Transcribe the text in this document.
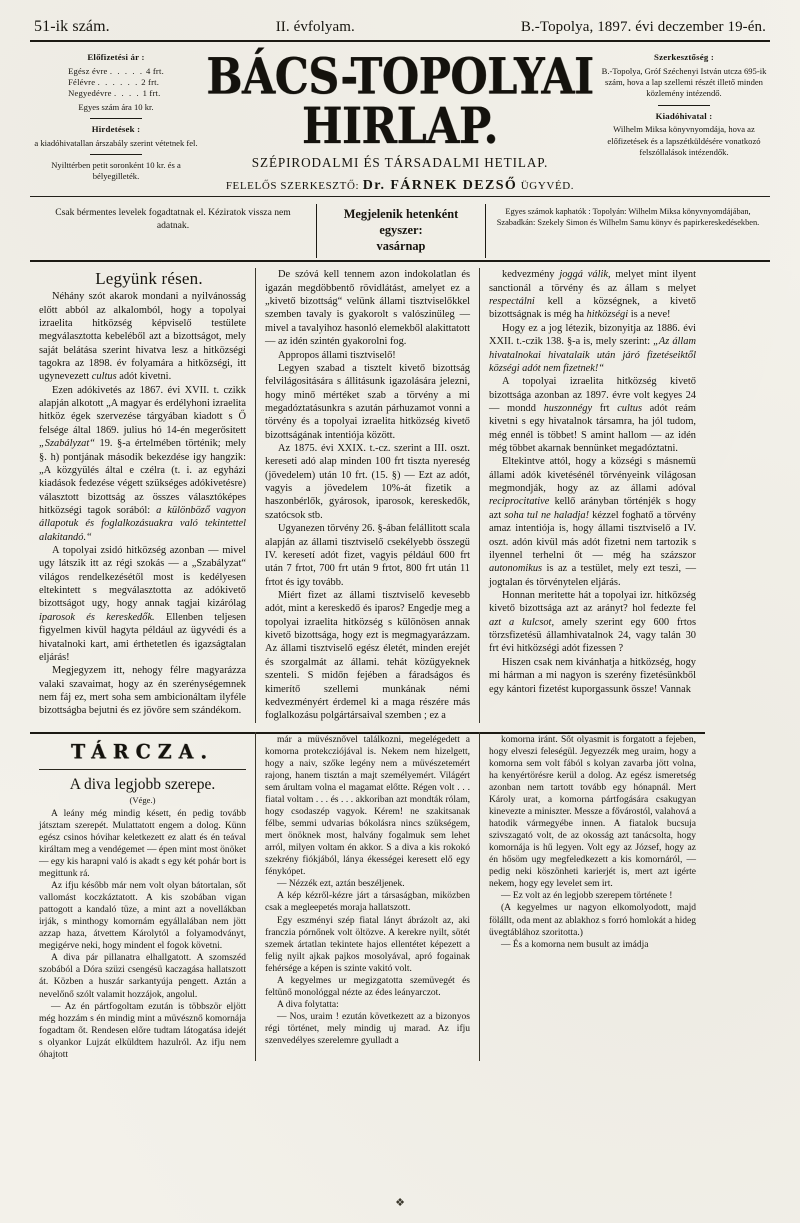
51-ik szám.	II. évfolyam.	B.-Topolya, 1897. évi deczember 19-én.
Előfizetési ár :
Egész évre . . . . . 4 frt.
Félévre . . . . . . 2 frt.
Negyedévre . . . . 1 frt.

Egyes szám ára 10 kr.

Hirdetések :

a kiadóhivatallan árszabály szerint vétetnek fel.

Nyilttérben petit soronként 10 kr. és a bélyegilleték.

BÁCS-TOPOLYAI HIRLAP.
SZÉPIRODALMI ÉS TÁRSADALMI HETILAP.
FELELŐS SZERKESZTŐ: Dr. FÁRNEK DEZSŐ ÜGYVÉD.
Szerkesztőség :

B.-Topolya, Gróf Széchenyi István utcza 695-ik szám, hova a lap szellemi részét illető minden közlemény intézendő.

Kiadóhivatal :

Wilhelm Miksa könyvnyomdája, hova az előfizetések és a lapszétküldésére vonatkozó felszóllalások intézendők.

Csak bérmentes levelek fogadtatnak el. Kéziratok vissza nem adatnak.
Megjelenik hetenként egyszer:
vasárnap
Egyes számok kaphatók : Topolyán: Wilhelm Miksa könyvnyomdájában, Szabadkán: Szekely Simon és Wilhelm Samu könyv és papirkereskedésekben.

Legyünk résen.

Néhány szót akarok mondani a nyilvánosság előtt abból az alkalomból, hogy a topolyai izraelita hitközség képviselő testülete megválasztotta kebeléből azt a bizottságot, mely saját belátása szerint hivatva lesz a hitközségi tagokra az 1898. év folyamára a hitközségi, itt ugynevezett cultus adót kivetni.

Ezen adókivetés az 1867. évi XVII. t. czikk alapján alkotott „A magyar és erdélyhoni izraelita hitköz égek szervezése tárgyában kiadott s Ő felsége által 1869. julius hó 14-én megerősitett „Szabályzat“ 19. §-a értelmében történik; mely §. h) pontjának második bekezdése igy hangzik: „A közgyülés által e czélra (t. i. az egyházi kiadások fedezése végett szükséges adókivetésre) választott bizottság az összes választóképes hitközségi tagok sorából: a különböző vagyon állapotuk és foglalkozásuakra való tekintettel alakitandó.“

A topolyai zsidó hitközség azonban — mivel ugy látszik itt az régi szokás — a „Szabályzat“ világos rendelkezésétől most is kedélyesen eltekintett s megválasztotta az adókivető bizottságot ugy, hogy annak tagjai kizárólag iparosok és kereskedők. Ellenben teljesen figyelmen kivül hagyta például az ügyvédi és a hivatalnoki kart, ami érthetetlen és igazságtalan eljárás!

Megjegyzem itt, nehogy félre magyarázza valaki szavaimat, hogy az én szerénységemnek nem fáj ez, mert soha sem ambicionáltam ilyféle bizottságba bejutni és ez jövőre sem szándékom.

De szóvá kell tennem azon indokolatlan és igazán megdöbbentő rövidlátást, amelyet ez a „kivető bizottság“ velünk állami tisztviselőkkel szemben tavaly is gyakorolt s valószinüleg — mivel a tavalyihoz hasonló elemekből alakittatott — az idén szintén gyakorolni fog.

Appropos állami tisztviselő!

Legyen szabad a tisztelt kivető bizottság felvilágositására s állitásunk igazolására jelezni, hogy minő mértéket szab a törvény a mi megadóztatásunkra s azután párhuzamot vonni a törvény és a topolyai izraelita hitközség kivető bizottságának intentiója között.

Az 1875. évi XXIX. t.-cz. szerint a III. oszt. kereseti adó alap minden 100 frt tiszta nyereség (jövedelem) után 10 frt. (15. §) — Ezt az adót, vagyis a jövedelem 10%-át fizetik a haszonbérlők, gyárosok, iparosok, kereskedők, szatócsok stb.

Ugyanezen törvény 26. §-ában felállitott scala alapján az állami tisztviselő csekélyebb összegü IV. keresetí adót fizet, vagyis például 600 frt után 7 frtot, 700 frt után 9 frtot, 800 frt után 11 frtot és igy tovább.

Miért fizet az állami tisztviselő kevesebb adót, mint a kereskedő és iparos? Engedje meg a topolyai izraelita hitközség s különösen annak kivető bizottsága, hogy ezt is megmagyarázzam. Az állami tisztviselő egész életét, minden erejét és szorgalmát az állami. tehát közügyeknek szenteli. S midőn fejében a fáradságos és kimerítő szellemi munkának némi kedvezményért érdemel ki a maga részére más foglalkozásu polgártársaival szemben ; ez a

kedvezmény joggá válik, melyet mint ilyent sanctionál a törvény és az állam s melyet respectálni kell a községnek, a kivető bizottságnak is még ha hitközségi is a neve!

Hogy ez a jog létezik, bizonyitja az 1886. évi XXII. t.-czik 138. §-a is, mely szerint: „Az állam hivatalnokai hivatalaik után járó fizetéseiktől községi adót nem fizetnek!“

A topolyai izraelita hitközség kivető bizottsága azonban az 1897. évre volt kegyes 24 — mondd huszonnégy frt cultus adót reám kivetni s egy hivatalnok társamra, ha jól tudom, még ennél is többet! S amint hallom — az idén még többet akarnak bennünket megadóztatni.

Eltekintve attól, hogy a községi s másnemü állami adók kivetésénél törvényeink világosan megmondják, hogy az az állami adóval reciprocitative kellő arányban történjék s hogy azt soha tul ne haladja! kézzel foghatő a törvény amaz intentiója is, hogy állami tisztviselő a IV. oszt. adón kivül más adót fizetni nem tartozik s ilyennel terhelni őt — még ha százszor autonomikus is az a testület, mely ezt teszi, — jogtalan és törvénytelen eljárás.

Honnan meritette hát a topolyai izr. hitközség kivető bizottsága azt az arányt? hol fedezte fel azt a kulcsot, amely szerint egy 600 frtos törzsfizetésü államhivatalnok 24, vagy talán 30 frt évi hitközségi adót fizessen ?

Hiszen csak nem kivánhatja a hitközség, hogy mi hárman a mi nagyon is szerény fizetésünkből egy kántori fizetést kuporgassunk össze! Vannak

TÁRCZA.
A diva legjobb szerepe.
(Vége.)

A leány még mindig késett, én pedig tovább játsztam szerepét. Mulattatott engem a dolog. Künn egész csinos hóvihar keletkezett ez alatt és én teával királtam meg a vendégemet — épen mint most önöket — egy kis harapni való is akadt s egy két pohár bort is megittunk rá.

Az ifju később már nem volt olyan bátortalan, sőt vallomást koczkáztatott. A kis szobában vigan pattogott a kandaló tüze, a mint azt a novellákban irják, s minthogy komornám egyállalában nem jött azzap haza, átvettem Károlytól a folyamodványt, megigérve neki, hogy mindent el fogok követni.

A diva pár pillanatra elhallgatott. A szomszéd szobából a Dóra szüzi csengésü kaczagása hallatszott át. Közben a huszár sarkantyúja pengett. Aztán a nevelőnő szólt valamit hozzájok, angolul.

— Az én pártfogoltam ezután is többször eljött még hozzám s én mindig mint a müvésznő komornája fogadtam őt. Rendesen előre tudtam látogatása idejét s olyankor Lujzát elküldtem hazulról. Az ifju nem óhajtott

már a müvésznővel találkozni, megelégedett a komorna protekcziójával is. Nekem nem hizelgett, hogy a naiv, szőke legény nem a müvészetemért rajong, hanem tisztán a majt személyemért. Világért sem árultam volna el magamat előtte. Régen volt . . . fiatal voltam . . . és . . . akkoriban azt mondták rólam, hogy csodaszép vagyok. Kérem! ne szakitsanak félbe, semmi udvarias bókolásra nincs szükségem, mert önöknek most, halvány fogalmuk sem lehet arról, milyen voltam én akkor. S a diva a kis rokokó szekrény fiókjából, lánya ékességei keresett elő egy fénykópet.

— Nézzék ezt, aztán beszéljenek.

A kép kézről-kézre járt a társaságban, miközben csak a megleepetés moraja hallatszott.

Egy eszményi szép fiatal lányt ábrázolt az, aki franczia pórnőnek volt öltözve. A kerekre nyilt, sötét szemek ártatlan tekintete hajos ellentétet képezett a felig nyilt ajkak pajkos mosolyával, apró fogainak fehérsége a képen is szinte vakitó volt.

A kegyelmes ur megizgatotta szemüvegét és feltünő monológgal nézte az édes leányarczot.

A diva folytatta:

— Nos, uraim ! ezután következett az a bizonyos régi történet, mely mindig uj marad. Az ifju szenvedélyes szerelemre gyulladt a

komorna iránt. Sőt olyasmit is forgatott a fejeben, hogy elveszi feleségül. Jegyezzék meg uraim, hogy a komorna sem volt fából s kolyan zavarba jött volna, ha kenyértörésre kerül a dolog. Az egész ismeretség azonban nem tartott tovább egy hónapnál. Mert Károly urat, a komorna pártfogására csakugyan kinevezte a miniszter. Messze a fővárostól, valahová a hatodik vármegyébe innen. A fiatalok bucsuja szivszagató volt, de az okosság azt tanácsolta, hogy komornája is hű legyen. Volt egy az József, hogy az én hősöm ugy megfeledkezett a kis komornáról, — pedig neki köszönheti karierjét is, mert azt igérte nekem, hogy egy levelet sem irt.

— Ez volt az én legjobb szerepem története !

(A kegyelmes ur nagyon elkomolyodott, majd fölállt, oda ment az ablakhoz s forró homlokát a hideg üvegtáblához szoritotta.)

— És a komorna nem busult az imádja

❖
